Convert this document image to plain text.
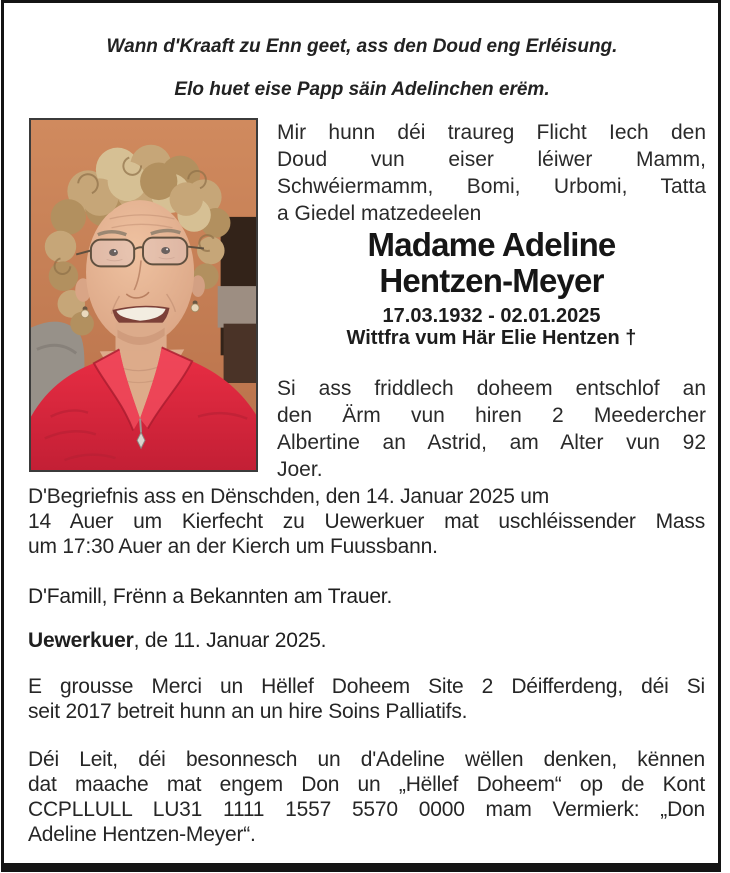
Wann d'Kraaft zu Enn geet, ass den Doud eng Erléisung.
Elo huet eise Papp säin Adelinchen erëm.
Mir hunn déi traureg Flicht Iech den
Doud vun eiser léiwer Mamm,
Schwéiermamm, Bomi, Urbomi, Tatta
a Giedel matzedeelen
Madame Adeline
Hentzen-Meyer
17.03.1932 - 02.01.2025
Wittfra vum Här Elie Hentzen †
Si ass friddlech doheem entschlof an
den Ärm vun hiren 2 Meedercher
Albertine an Astrid, am Alter vun 92
Joer.
D'Begriefnis ass en Dënschden, den 14. Januar 2025 um
14 Auer um Kierfecht zu Uewerkuer mat uschléissender Mass
um 17:30 Auer an der Kierch um Fuussbann.
D'Famill, Frënn a Bekannten am Trauer.
Uewerkuer, de 11. Januar 2025.
E grousse Merci un Hëllef Doheem Site 2 Déifferdeng, déi Si
seit 2017 betreit hunn an un hire Soins Palliatifs.
Déi Leit, déi besonnesch un d'Adeline wëllen denken, kënnen
dat maache mat engem Don un „Hëllef Doheem“ op de Kont
CCPLLULL LU31 1111 1557 5570 0000 mam Vermierk: „Don
Adeline Hentzen-Meyer“.
